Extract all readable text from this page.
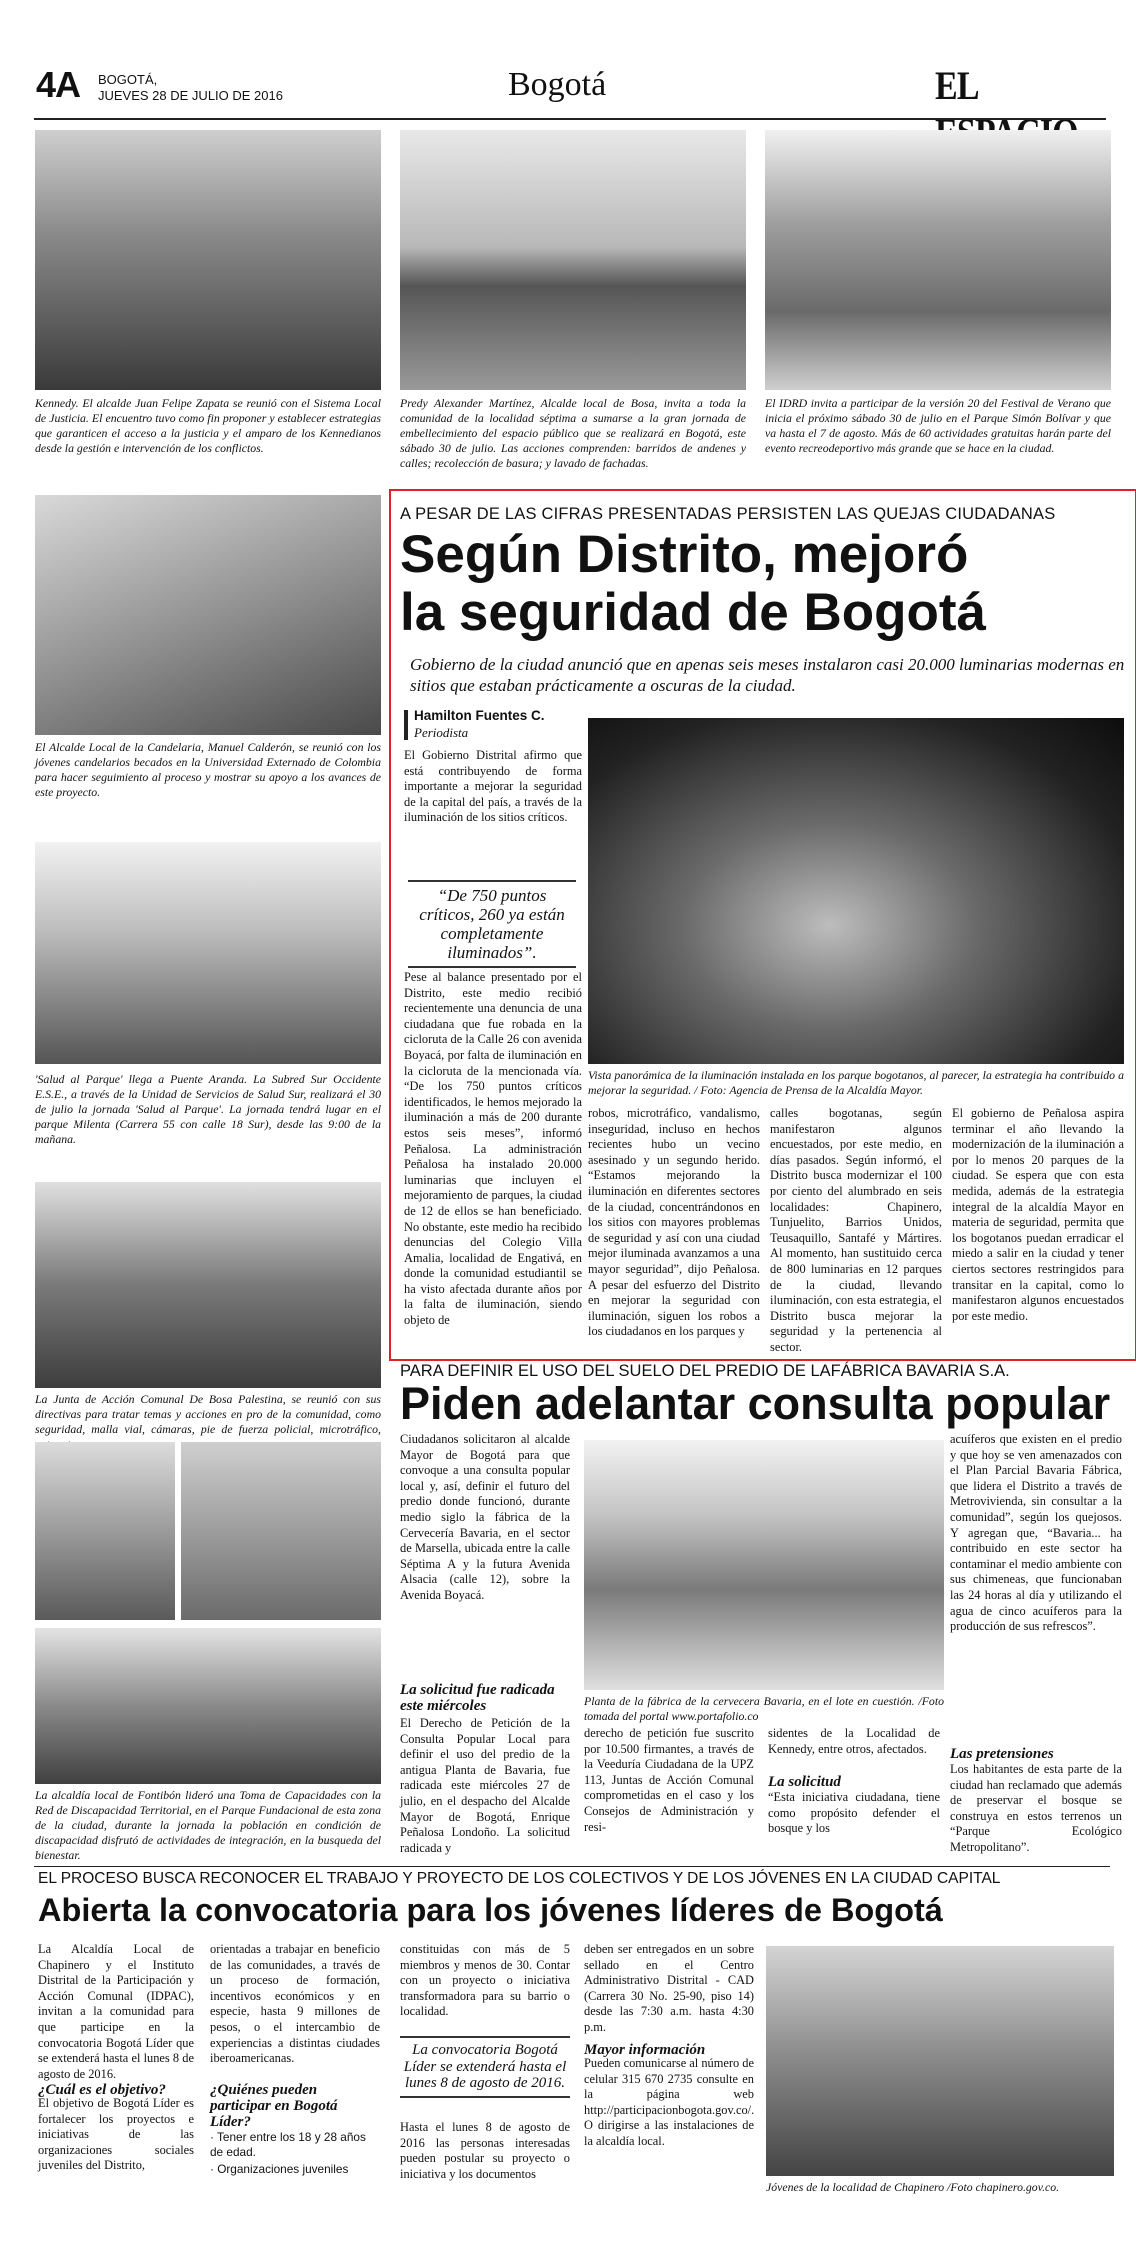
4A BOGOTÁ,
JUEVES 28 DE JULIO DE 2016	Bogotá	EL
Kennedy. El alcalde Juan Felipe Zapata se reunió con el Sistema Local de Justicia. El encuentro tuvo como fin proponer y establecer estrategias que garanticen el acceso a la justicia y el amparo de los Kennedianos desde la gestión e intervención de los conflictos.
Predy Alexander Martínez, Alcalde local de Bosa, invita a toda la comunidad de la localidad séptima a sumarse a la gran jornada de embellecimiento del espacio público que se realizará en Bogotá, este sábado 30 de julio. Las acciones comprenden: barridos de andenes y calles; recolección de basura; y lavado de fachadas.
El IDRD invita a participar de la versión 20 del Festival de Verano que inicia el próximo sábado 30 de julio en el Parque Simón Bolívar y que va hasta el 7 de agosto. Más de 60 actividades gratuitas harán parte del evento recreodeportivo más grande que se hace en la ciudad.
El Alcalde Local de la Candelaria, Manuel Calderón, se reunió con los jóvenes candelarios becados en la Universidad Externado de Colombia para hacer seguimiento al proceso y mostrar su apoyo a los avances de este proyecto.
'Salud al Parque' llega a Puente Aranda. La Subred Sur Occidente E.S.E., a través de la Unidad de Servicios de Salud Sur, realizará el 30 de julio la jornada 'Salud al Parque'. La jornada tendrá lugar en el parque Milenta (Carrera 55 con calle 18 Sur), desde las 9:00 de la mañana.
La Junta de Acción Comunal De Bosa Palestina, se reunió con sus directivas para tratar temas y acciones en pro de la comunidad, como seguridad, malla vial, cámaras, pie de fuerza policial, microtráfico,
La alcaldía local de Fontibón lideró una Toma de Capacidades con la Red de Discapacidad Territorial, en el Parque Fundacional de esta zona de la ciudad, durante la jornada la población en condición de discapacidad disfrutó de actividades de integración, en la busqueda del bienestar.
A PESAR DE LAS CIFRAS PRESENTADAS PERSISTEN LAS QUEJAS CIUDADANAS
Según Distrito, mejoró
la seguridad de Bogotá
Gobierno de la ciudad anunció que en apenas seis meses instalaron casi 20.000 luminarias modernas en sitios que estaban prácticamente a oscuras de la ciudad.
Hamilton Fuentes C.
Periodista
El Gobierno Distrital afirmo que está contribuyendo de forma importante a mejorar la seguridad de la capital del país, a través de la iluminación de los sitios críticos.
“De 750 puntos críticos, 260 ya están completamente iluminados”.
Pese al balance presentado por el Distrito, este medio recibió recientemente una denuncia de una ciudadana que fue robada en la cicloruta de la Calle 26 con avenida Boyacá, por falta de iluminación en la cicloruta de la mencionada vía. “De los 750 puntos críticos identificados, le hemos mejorado la iluminación a más de 200 durante estos seis meses”, informó Peñalosa. La administración Peñalosa ha instalado 20.000 luminarias que incluyen el mejoramiento de parques, la ciudad de 12 de ellos se han beneficiado. No obstante, este medio ha recibido denuncias del Colegio Villa Amalia, localidad de Engativá, en donde la comunidad estudiantil se ha visto afectada durante años por la falta de iluminación, siendo objeto de
Vista panorámica de la iluminación instalada en los parque bogotanos, al parecer, la estrategia ha contribuido a mejorar la seguridad. / Foto: Agencia de Prensa de la Alcaldía Mayor.
robos, microtráfico, vandalismo, inseguridad, incluso en hechos recientes hubo un vecino asesinado y un segundo herido. “Estamos mejorando la iluminación en diferentes sectores de la ciudad, concentrándonos en los sitios con mayores problemas de seguridad y así con una ciudad mejor iluminada avanzamos a una mayor seguridad”, dijo Peñalosa. A pesar del esfuerzo del Distrito en mejorar la seguridad con iluminación, siguen los robos a los ciudadanos en los parques y
calles bogotanas, según manifestaron algunos encuestados, por este medio, en días pasados. Según informó, el Distrito busca modernizar el 100 por ciento del alumbrado en seis localidades: Chapinero, Tunjuelito, Barrios Unidos, Teusaquillo, Santafé y Mártires. Al momento, han sustituido cerca de 800 luminarias en 12 parques de la ciudad, llevando iluminación, con esta estrategia, el Distrito busca mejorar la seguridad y la pertenencia al sector.
El gobierno de Peñalosa aspira terminar el año llevando la modernización de la iluminación a por lo menos 20 parques de la ciudad. Se espera que con esta medida, además de la estrategia integral de la alcaldía Mayor en materia de seguridad, permita que los bogotanos puedan erradicar el miedo a salir en la ciudad y tener ciertos sectores restringidos para transitar en la capital, como lo manifestaron algunos encuestados por este medio.
PARA DEFINIR EL USO DEL SUELO DEL PREDIO DE LAFÁBRICA BAVARIA S.A.
Piden adelantar consulta popular
Ciudadanos solicitaron al alcalde Mayor de Bogotá para que convoque a una consulta popular local y, así, definir el futuro del predio donde funcionó, durante medio siglo la fábrica de la Cervecería Bavaria, en el sector de Marsella, ubicada entre la calle Séptima A y la futura Avenida Alsacia (calle 12), sobre la Avenida Boyacá.
La solicitud fue radicada este miércoles
El Derecho de Petición de la Consulta Popular Local para definir el uso del predio de la antigua Planta de Bavaria, fue radicada este miércoles 27 de julio, en el despacho del Alcalde Mayor de Bogotá, Enrique Peñalosa Londoño. La solicitud radicada y
Planta de la fábrica de la cervecera Bavaria, en el lote en cuestión. /Foto tomada del portal www.portafolio.co
derecho de petición fue suscrito por 10.500 firmantes, a través de la Veeduría Ciudadana de la UPZ 113, Juntas de Acción Comunal comprometidas en el caso y los Consejos de Administración y resi-
sidentes de la Localidad de Kennedy, entre otros, afectados.
La solicitud
“Esta iniciativa ciudadana, tiene como propósito defender el bosque y los
acuíferos que existen en el predio y que hoy se ven amenazados con el Plan Parcial Bavaria Fábrica, que lidera el Distrito a través de Metrovivienda, sin consultar a la comunidad”, según los quejosos. Y agregan que, “Bavaria... ha contribuido en este sector ha contaminar el medio ambiente con sus chimeneas, que funcionaban las 24 horas al día y utilizando el agua de cinco acuíferos para la producción de sus refrescos”.
Las pretensiones
Los habitantes de esta parte de la ciudad han reclamado que además de preservar el bosque se construya en estos terrenos un “Parque Ecológico Metropolitano”.
EL PROCESO BUSCA RECONOCER EL TRABAJO Y PROYECTO DE LOS COLECTIVOS Y DE LOS JÓVENES EN LA CIUDAD CAPITAL
Abierta la convocatoria para los jóvenes líderes de Bogotá
La Alcaldía Local de Chapinero y el Instituto Distrital de la Participación y Acción Comunal (IDPAC), invitan a la comunidad para que participe en la convocatoria Bogotá Líder que se extenderá hasta el lunes 8 de agosto de 2016.
¿Cuál es el objetivo?
El objetivo de Bogotá Líder es fortalecer los proyectos e iniciativas de las organizaciones sociales juveniles del Distrito,
orientadas a trabajar en beneficio de las comunidades, a través de un proceso de formación, incentivos económicos y en especie, hasta 9 millones de pesos, o el intercambio de experiencias a distintas ciudades iberoamericanas.
¿Quiénes pueden participar en Bogotá Líder?
· Tener entre los 18 y 28 años de edad.
· Organizaciones juveniles
constituidas con más de 5 miembros y menos de 30. Contar con un proyecto o iniciativa transformadora para su barrio o localidad.
La convocatoria Bogotá Líder se extenderá hasta el lunes 8 de agosto de 2016.
Hasta el lunes 8 de agosto de 2016 las personas interesadas pueden postular su proyecto o iniciativa y los documentos
deben ser entregados en un sobre sellado en el Centro Administrativo Distrital - CAD (Carrera 30 No. 25-90, piso 14) desde las 7:30 a.m. hasta 4:30 p.m.
Mayor información
Pueden comunicarse al número de celular 315 670 2735 consulte en la página web http://participacionbogota.gov.co/. O dirigirse a las instalaciones de la alcaldía local.
Jóvenes de la localidad de Chapinero /Foto chapinero.gov.co.
